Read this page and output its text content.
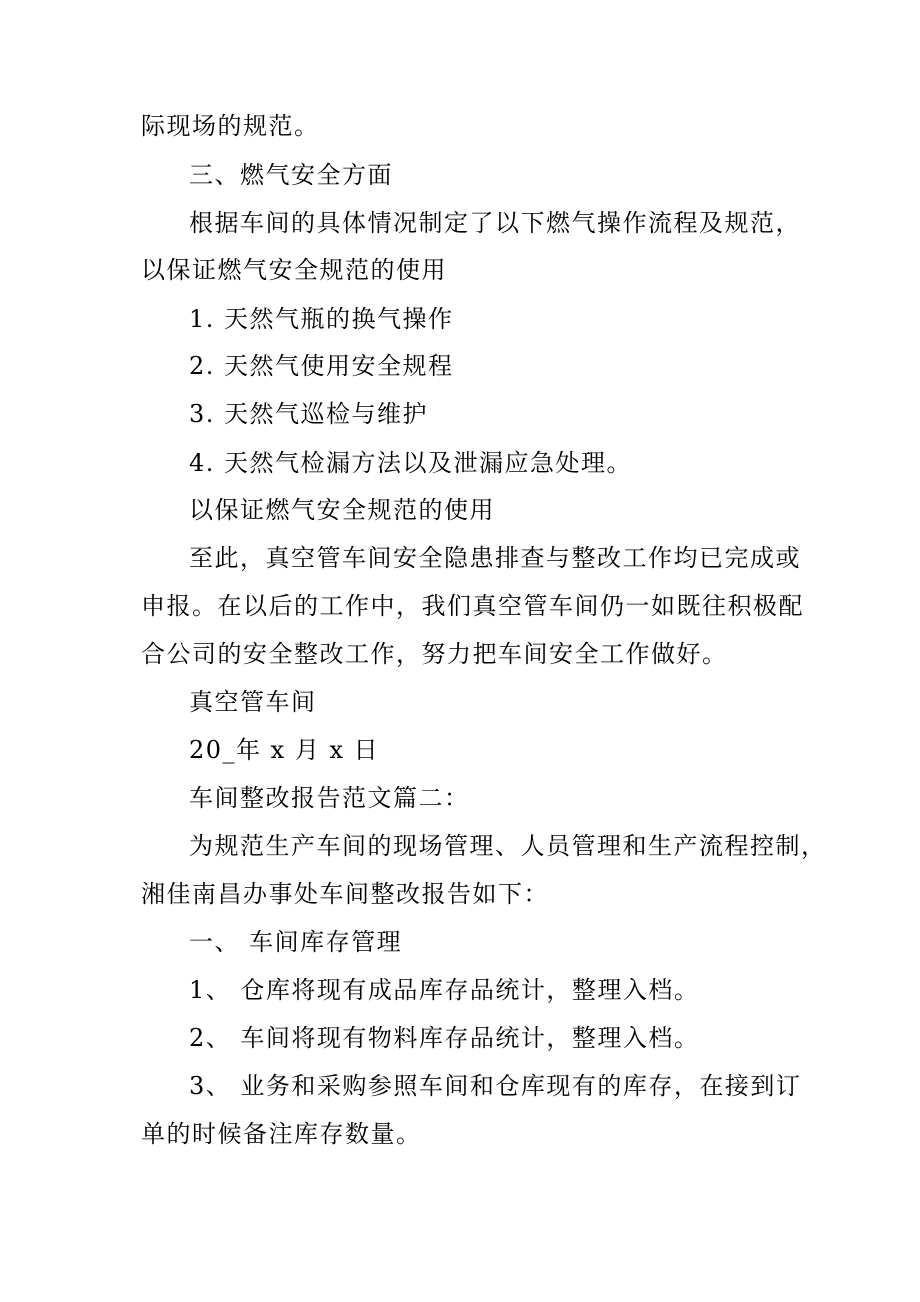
际现场的规范。

三、燃气安全方面

根据车间的具体情况制定了以下燃气操作流程及规范，

以保证燃气安全规范的使用

1. 天然气瓶的换气操作

2. 天然气使用安全规程

3. 天然气巡检与维护

4. 天然气检漏方法以及泄漏应急处理。

以保证燃气安全规范的使用

至此，真空管车间安全隐患排查与整改工作均已完成或

申报。在以后的工作中，我们真空管车间仍一如既往积极配

合公司的安全整改工作，努力把车间安全工作做好。

真空管车间

20_年 x 月 x 日

车间整改报告范文篇二：

为规范生产车间的现场管理、人员管理和生产流程控制，

湘佳南昌办事处车间整改报告如下：

一、 车间库存管理

1、 仓库将现有成品库存品统计，整理入档。

2、 车间将现有物料库存品统计，整理入档。

3、 业务和采购参照车间和仓库现有的库存，在接到订

单的时候备注库存数量。
